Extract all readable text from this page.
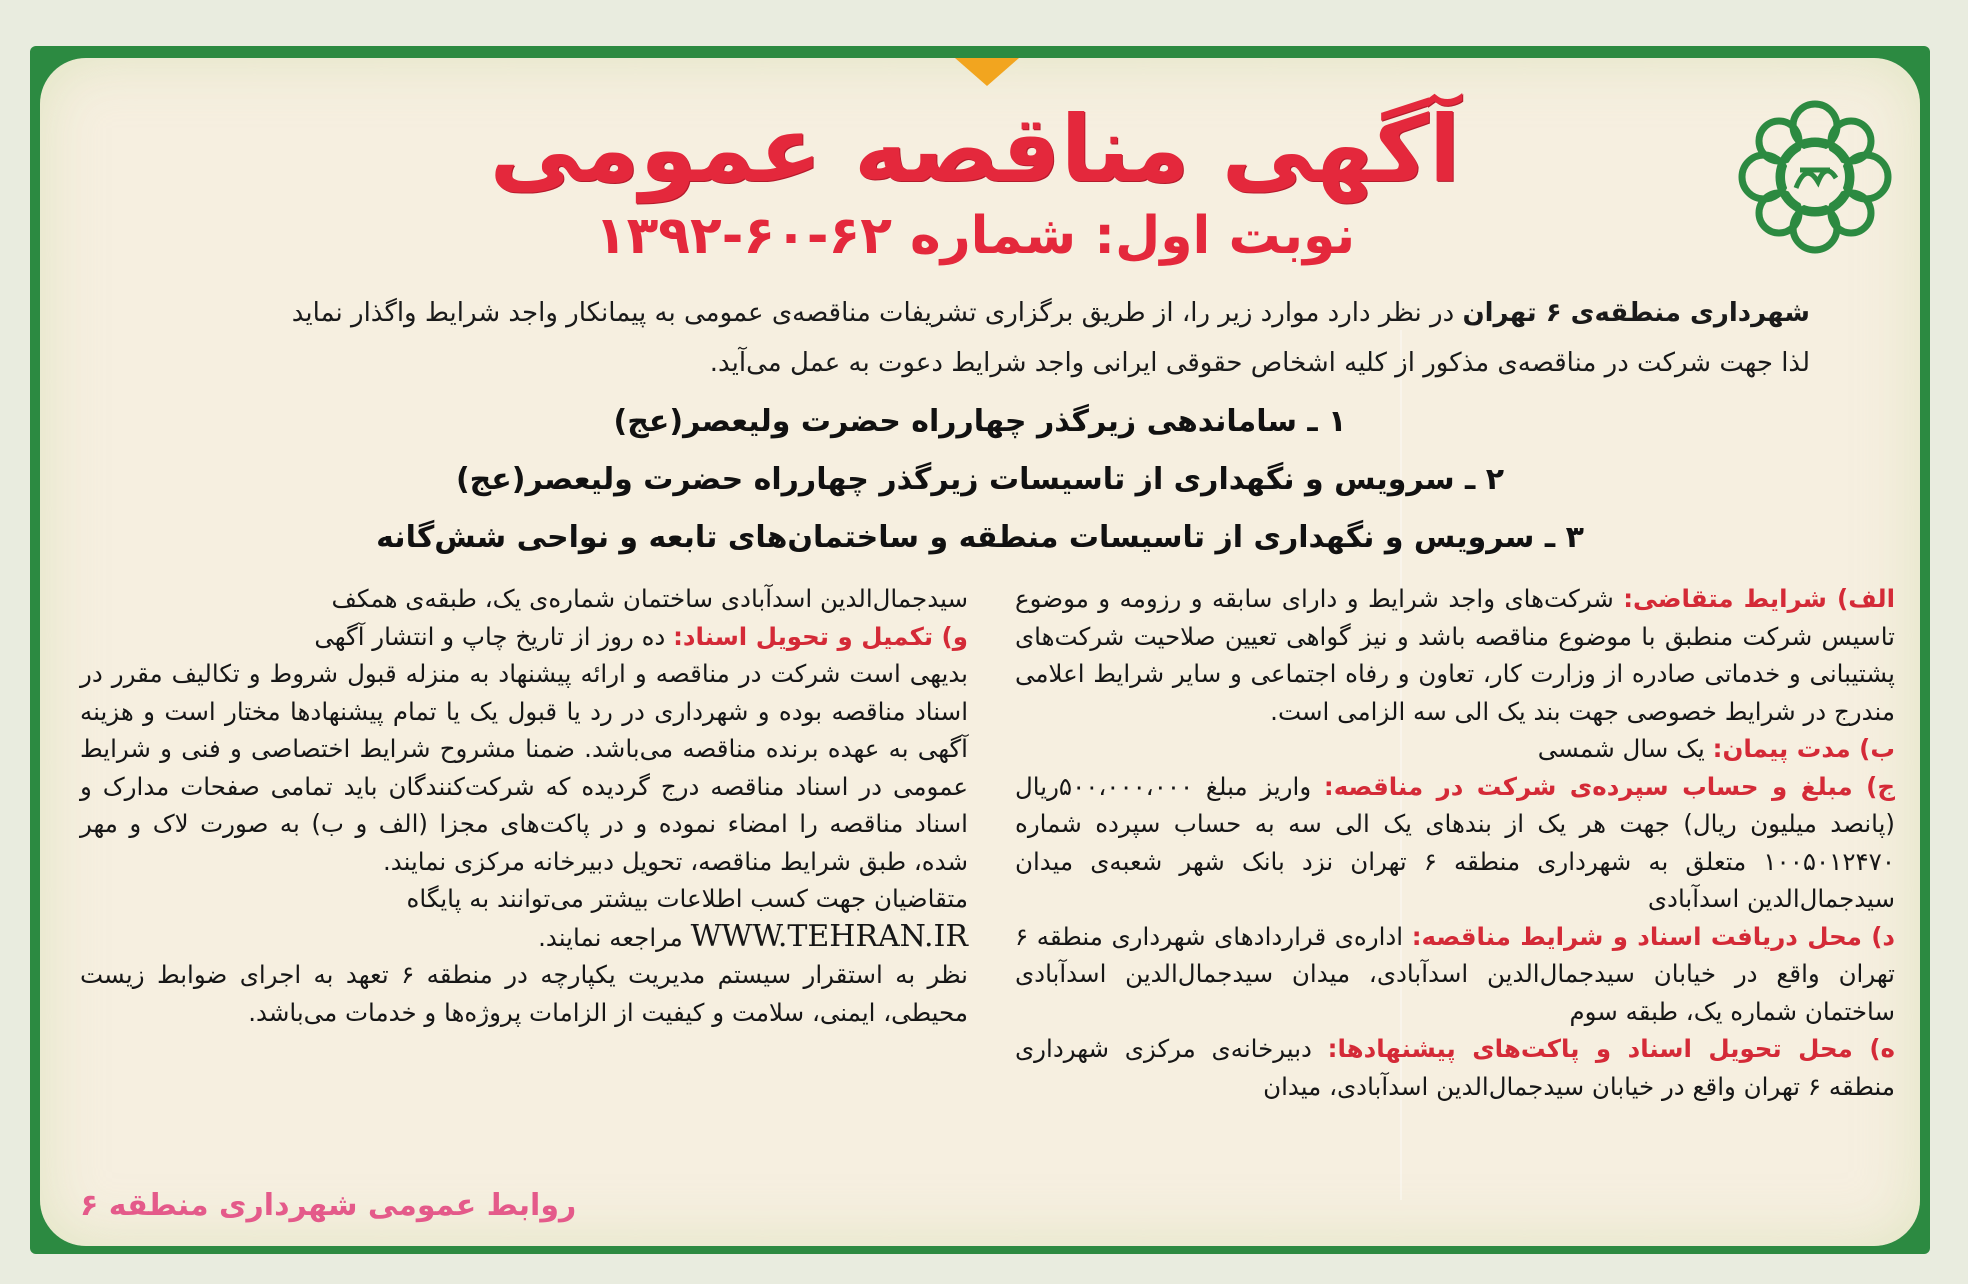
آگهی مناقصه عمومی
نوبت اول: شماره ۶۲-۶۰-۱۳۹۲
شهرداری منطقه‌ی ۶ تهران در نظر دارد موارد زیر را، از طریق برگزاری تشریفات مناقصه‌ی عمومی به پیمانکار واجد شرایط واگذار نماید
لذا جهت شرکت در مناقصه‌ی مذکور از کلیه اشخاص حقوقی ایرانی واجد شرایط دعوت به عمل می‌آید.
۱ ـ ساماندهی زیرگذر چهارراه حضرت ولیعصر(عج)
۲ ـ سرویس و نگهداری از تاسیسات زیرگذر چهارراه حضرت ولیعصر(عج)
۳ ـ سرویس و نگهداری از تاسیسات منطقه و ساختمان‌های تابعه و نواحی شش‌گانه

الف) شرایط متقاضی: شرکت‌های واجد شرایط و دارای سابقه و رزومه و موضوع تاسیس شرکت منطبق با موضوع مناقصه باشد و نیز گواهی تعیین صلاحیت شرکت‌های پشتیبانی و خدماتی صادره از وزارت کار، تعاون و رفاه اجتماعی و سایر شرایط اعلامی مندرج در شرایط خصوصی جهت بند یک الی سه الزامی است.

ب) مدت پیمان: یک سال شمسی

ج) مبلغ و حساب سپرده‌ی شرکت در مناقصه: واریز مبلغ ۵۰۰،۰۰۰،۰۰۰ریال (پانصد میلیون ریال) جهت هر یک از بندهای یک الی سه به حساب سپرده شماره ۱۰۰۵۰۱۲۴۷۰ متعلق به شهرداری منطقه ۶ تهران نزد بانک شهر شعبه‌ی میدان سیدجمال‌الدین اسدآبادی

د) محل دریافت اسناد و شرایط مناقصه: اداره‌ی قراردادهای شهرداری منطقه ۶ تهران واقع در خیابان سیدجمال‌الدین اسدآبادی، میدان سیدجمال‌الدین اسدآبادی ساختمان شماره یک، طبقه سوم

ه) محل تحویل اسناد و پاکت‌های پیشنهادها: دبیرخانه‌ی مرکزی شهرداری منطقه ۶ تهران واقع در خیابان سیدجمال‌الدین اسدآبادی، میدان

سیدجمال‌الدین اسدآبادی ساختمان شماره‌ی یک، طبقه‌ی همکف

و) تکمیل و تحویل اسناد: ده روز از تاریخ چاپ و انتشار آگهی

بدیهی است شرکت در مناقصه و ارائه پیشنهاد به منزله قبول شروط و تکالیف مقرر در اسناد مناقصه بوده و شهرداری در رد یا قبول یک یا تمام پیشنهادها مختار است و هزینه آگهی به عهده برنده مناقصه می‌باشد. ضمنا مشروح شرایط اختصاصی و فنی و شرایط عمومی در اسناد مناقصه درج گردیده که شرکت‌کنندگان باید تمامی صفحات مدارک و اسناد مناقصه را امضاء نموده و در پاکت‌های مجزا (الف و ب) به صورت لاک و مهر شده، طبق شرایط مناقصه، تحویل دبیرخانه مرکزی نمایند.

متقاضیان جهت کسب اطلاعات بیشتر می‌توانند به پایگاه
WWW.TEHRAN.IR مراجعه نمایند.

نظر به استقرار سیستم مدیریت یکپارچه در منطقه ۶ تعهد به اجرای ضوابط زیست محیطی، ایمنی، سلامت و کیفیت از الزامات پروژه‌ها و خدمات می‌باشد.

روابط عمومی شهرداری منطقه ۶
